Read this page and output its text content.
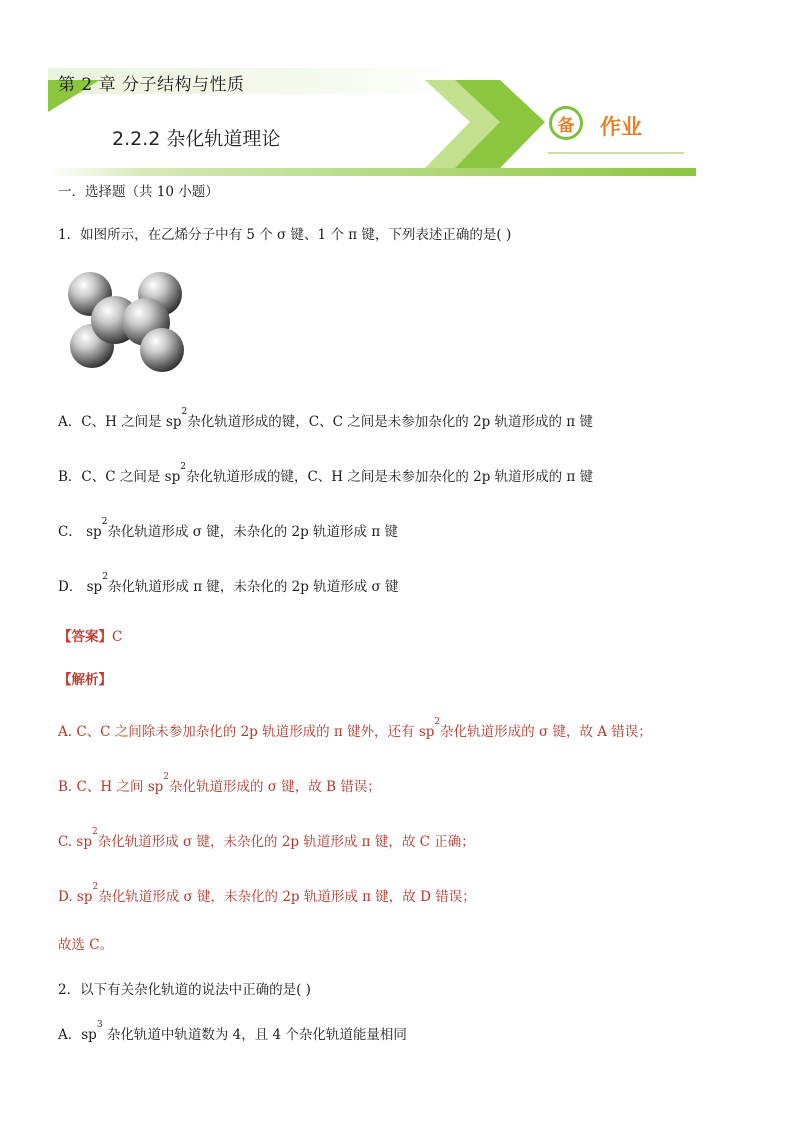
第 2 章 分子结构与性质
2.2.2 杂化轨道理论
备 作业
一．选择题（共 10 小题）
1．如图所示，在乙烯分子中有 5 个 σ 键、1 个 π 键，下列表述正确的是( )
A．C、H 之间是 $sp^2$杂化轨道形成的键，C、C 之间是未参加杂化的 2p 轨道形成的 π 键
B．C、C 之间是 $sp^2$杂化轨道形成的键，C、H 之间是未参加杂化的 2p 轨道形成的 π 键
C． $sp^2$杂化轨道形成 σ 键，未杂化的 2p 轨道形成 π 键
D． $sp^2$杂化轨道形成 π 键，未杂化的 2p 轨道形成 σ 键
【答案】C
【解析】
A. C、C 之间除未参加杂化的 2p 轨道形成的 π 键外，还有 $sp^2$杂化轨道形成的 σ 键，故 A 错误；
B. C、H 之间 $sp^2$杂化轨道形成的 σ 键，故 B 错误；
C. $sp^2$杂化轨道形成 σ 键，未杂化的 2p 轨道形成 π 键，故 C 正确；
D. $sp^2$杂化轨道形成 σ 键，未杂化的 2p 轨道形成 π 键，故 D 错误；
故选 C。
2．以下有关杂化轨道的说法中正确的是( )
A．$sp^3$ 杂化轨道中轨道数为 4，且 4 个杂化轨道能量相同
